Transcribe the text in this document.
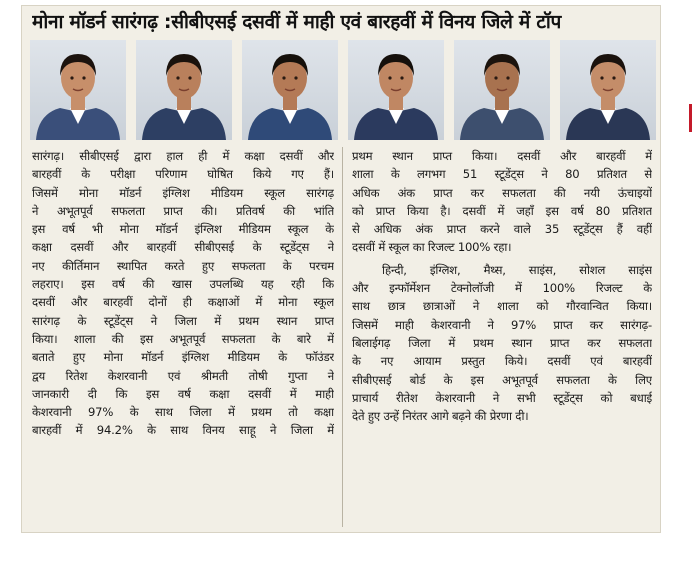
मोना मॉडर्न सारंगढ़ :सीबीएसई दसवीं में माही एवं बारहवीं में विनय जिले में टॉप
सारंगढ़। सीबीएसई द्वारा हाल ही में कक्षा दसवीं और
बारहवीं के परीक्षा परिणाम घोषित किये गए हैं।
जिसमें मोना मॉडर्न इंग्लिश मीडियम स्कूल सारंगढ़
ने अभूतपूर्व सफलता प्राप्त की। प्रतिवर्ष की भांति
इस वर्ष भी मोना मॉडर्न इंग्लिश मीडियम स्कूल के
कक्षा दसवीं और बारहवीं सीबीएसई के स्टूडेंट्स ने
नए कीर्तिमान स्थापित करते हुए सफलता के परचम
लहराए। इस वर्ष की खास उपलब्धि यह रही कि
दसवीं और बारहवीं दोनों ही कक्षाओं में मोना स्कूल
सारंगढ़ के स्टूडेंट्स ने जिला में प्रथम स्थान प्राप्त
किया। शाला की इस अभूतपूर्व सफलता के बारे में
बताते हुए मोना मॉडर्न इंग्लिश मीडियम के फॉउंडर
द्वय रितेश केशरवानी एवं श्रीमती तोषी गुप्ता ने
जानकारी दी कि इस वर्ष कक्षा दसवीं में माही
केशरवानी 97% के साथ जिला में प्रथम तो कक्षा
बारहवीं में 94.2% के साथ विनय साहू ने जिला में
प्रथम स्थान प्राप्त किया। दसवीं और बारहवीं में
शाला के लगभग 51 स्टूडेंट्स ने 80 प्रतिशत से
अधिक अंक प्राप्त कर सफलता की नयी ऊंचाइयों
को प्राप्त किया है। दसवीं में जहाँ इस वर्ष 80 प्रतिशत
से अधिक अंक प्राप्त करने वाले 35 स्टूडेंट्स हैं वहीं
दसवीं में स्कूल का रिजल्ट 100% रहा।
हिन्दी, इंग्लिश, मैथ्स, साइंस, सोशल साइंस
और इन्फॉर्मेशन टेक्नोलॉजी में 100% रिजल्ट के
साथ छात्र छात्राओं ने शाला को गौरवान्वित किया।
जिसमें माही केशरवानी ने 97% प्राप्त कर सारंगढ़-
बिलाईगढ़ जिला में प्रथम स्थान प्राप्त कर सफलता
के नए आयाम प्रस्तुत किये। दसवीं एवं बारहवीं
सीबीएसई बोर्ड के इस अभूतपूर्व सफलता के लिए
प्राचार्य रीतेश केशरवानी ने सभी स्टूडेंट्स को बधाई
देते हुए उन्हें निरंतर आगे बढ़ने की प्रेरणा दी।
